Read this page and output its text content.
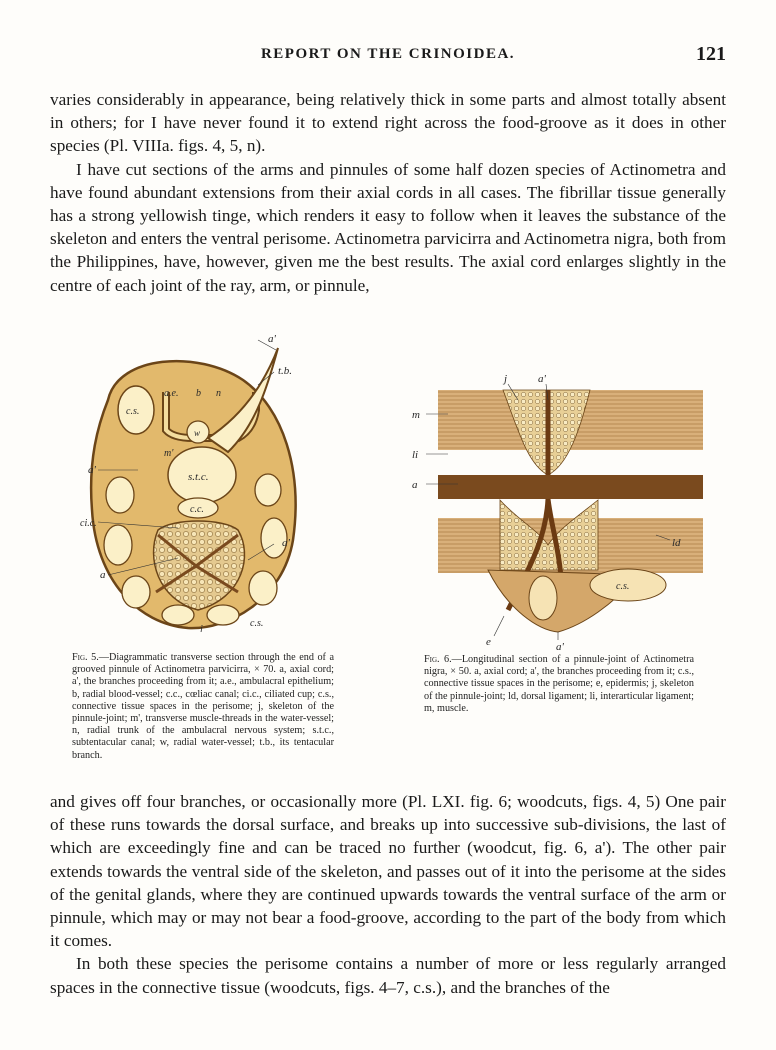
REPORT ON THE CRINOIDEA.	121

varies considerably in appearance, being relatively thick in some parts and almost totally absent in others; for I have never found it to extend right across the food-groove as it does in other species (Pl. VIIIa. figs. 4, 5, n).

I have cut sections of the arms and pinnules of some half dozen species of Actinometra and have found abundant extensions from their axial cords in all cases. The fibrillar tissue generally has a strong yellowish tinge, which renders it easy to follow when it leaves the substance of the skeleton and enters the ventral perisome. Actinometra parvicirra and Actinometra nigra, both from the Philippines, have, however, given me the best results. The axial cord enlarges slightly in the centre of each joint of the ray, arm, or pinnule,

a'
t.b.
a.e. b n
c.s.
w
m'
s.t.c.
a'
c.c.
ci.c.
a'
a
c.s.
j
j	a'
m
li
a
ld
c.s.
e	a'
Fig. 5.—Diagrammatic transverse section through the end of a grooved pinnule of Actinometra parvicirra, × 70. a, axial cord; a', the branches proceeding from it; a.e., ambulacral epithelium; b, radial blood-vessel; c.c., cœliac canal; ci.c., ciliated cup; c.s., connective tissue spaces in the perisome; j, skeleton of the pinnule-joint; m', transverse muscle-threads in the water-vessel; n, radial trunk of the ambulacral nervous system; s.t.c., subtentacular canal; w, radial water-vessel; t.b., its tentacular branch.
Fig. 6.—Longitudinal section of a pinnule-joint of Actinometra nigra, × 50. a, axial cord; a', the branches proceeding from it; c.s., connective tissue spaces in the perisome; e, epidermis; j, skeleton of the pinnule-joint; ld, dorsal ligament; li, interarticular ligament; m, muscle.

and gives off four branches, or occasionally more (Pl. LXI. fig. 6; woodcuts, figs. 4, 5) One pair of these runs towards the dorsal surface, and breaks up into successive sub-divisions, the last of which are exceedingly fine and can be traced no further (woodcut, fig. 6, a'). The other pair extends towards the ventral side of the skeleton, and passes out of it into the perisome at the sides of the genital glands, where they are continued upwards towards the ventral surface of the arm or pinnule, which may or may not bear a food-groove, according to the part of the body from which it comes.

In both these species the perisome contains a number of more or less regularly arranged spaces in the connective tissue (woodcuts, figs. 4–7, c.s.), and the branches of the
